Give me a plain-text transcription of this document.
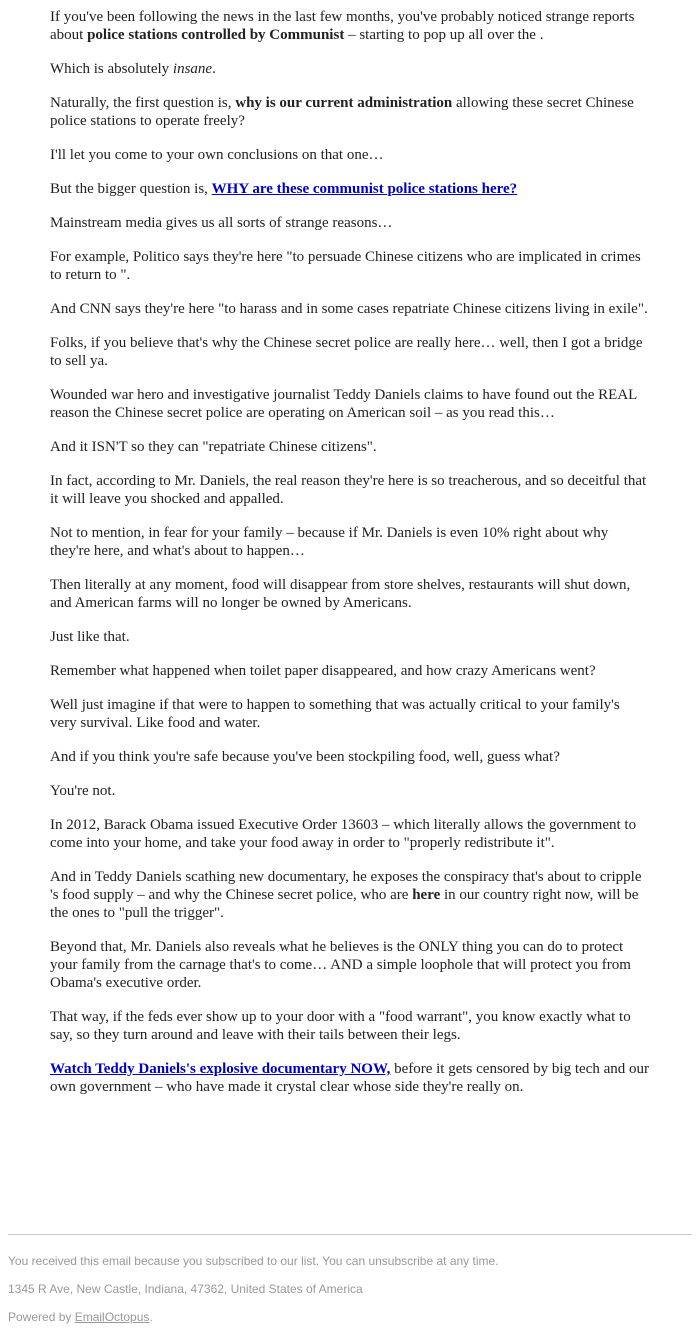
If you've been following the news in the last few months, you've probably noticed strange reports about police stations controlled by Communist – starting to pop up all over the .

Which is absolutely insane.

Naturally, the first question is, why is our current administration allowing these secret Chinese police stations to operate freely?

I'll let you come to your own conclusions on that one…

But the bigger question is, WHY are these communist police stations here?

Mainstream media gives us all sorts of strange reasons…

For example, Politico says they're here "to persuade Chinese citizens who are implicated in crimes to return to ".

And CNN says they're here "to harass and in some cases repatriate Chinese citizens living in exile".

Folks, if you believe that's why the Chinese secret police are really here… well, then I got a bridge to sell ya.

Wounded war hero and investigative journalist Teddy Daniels claims to have found out the REAL reason the Chinese secret police are operating on American soil – as you read this…

And it ISN'T so they can "repatriate Chinese citizens".

In fact, according to Mr. Daniels, the real reason they're here is so treacherous, and so deceitful that it will leave you shocked and appalled.

Not to mention, in fear for your family – because if Mr. Daniels is even 10% right about why they're here, and what's about to happen…

Then literally at any moment, food will disappear from store shelves, restaurants will shut down, and American farms will no longer be owned by Americans.

Just like that.

Remember what happened when toilet paper disappeared, and how crazy Americans went?

Well just imagine if that were to happen to something that was actually critical to your family's very survival. Like food and water.

And if you think you're safe because you've been stockpiling food, well, guess what?

You're not.

In 2012, Barack Obama issued Executive Order 13603 – which literally allows the government to come into your home, and take your food away in order to "properly redistribute it".

And in Teddy Daniels scathing new documentary, he exposes the conspiracy that's about to cripple 's food supply – and why the Chinese secret police, who are here in our country right now, will be the ones to "pull the trigger".

Beyond that, Mr. Daniels also reveals what he believes is the ONLY thing you can do to protect your family from the carnage that's to come… AND a simple loophole that will protect you from Obama's executive order.

That way, if the feds ever show up to your door with a "food warrant", you know exactly what to say, so they turn around and leave with their tails between their legs.

Watch Teddy Daniels's explosive documentary NOW, before it gets censored by big tech and our own government – who have made it crystal clear whose side they're really on.

You received this email because you subscribed to our list. You can unsubscribe at any time.

1345 R Ave, New Castle, Indiana, 47362, United States of America

Powered by EmailOctopus.
